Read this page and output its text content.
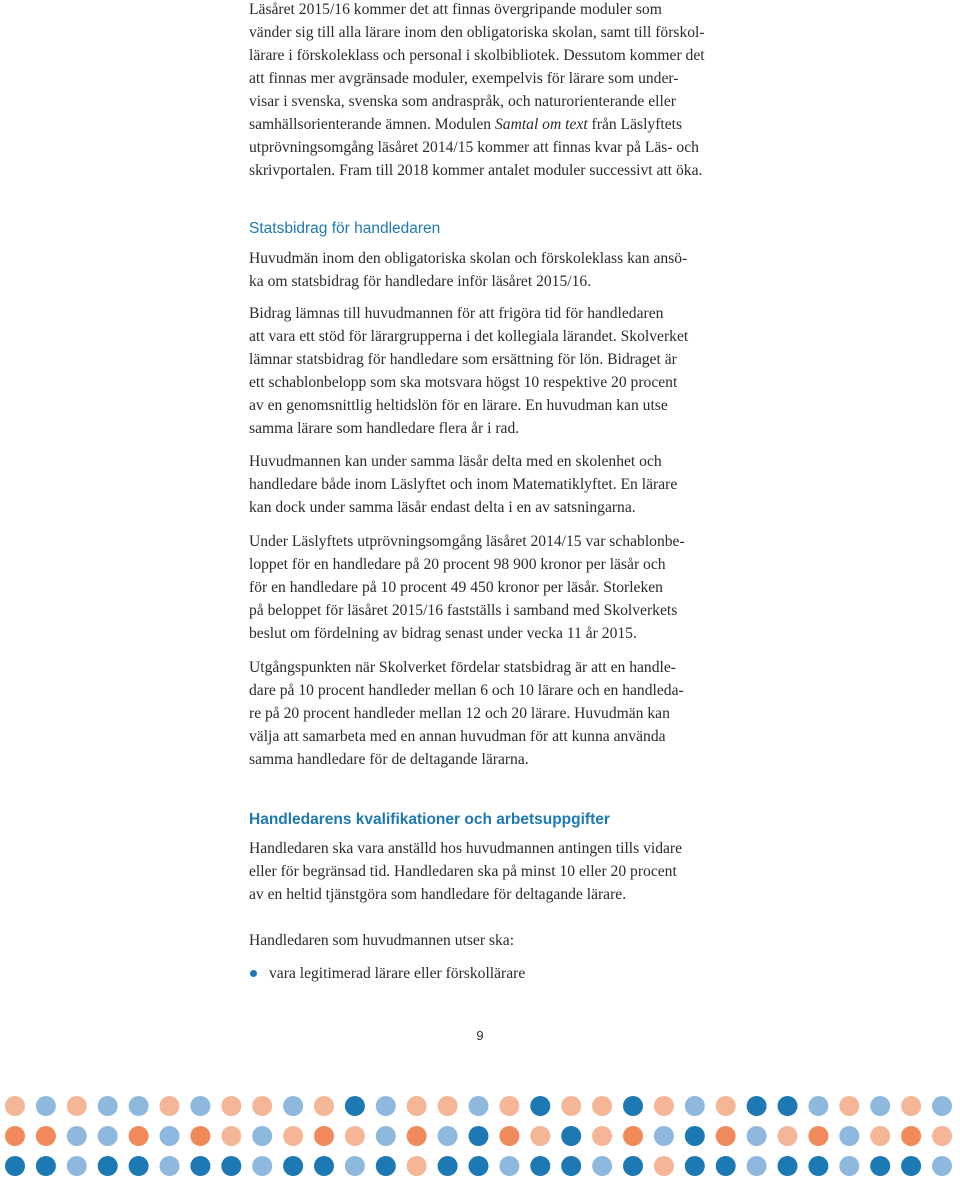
Läsåret 2015/16 kommer det att finnas övergripande moduler som
vänder sig till alla lärare inom den obligatoriska skolan, samt till förskol-
lärare i förskoleklass och personal i skolbibliotek. Dessutom kommer det
att finnas mer avgränsade moduler, exempelvis för lärare som under-
visar i svenska, svenska som andraspråk, och naturorienterande eller
samhällsorienterande ämnen. Modulen Samtal om text från Läslyftets
utprövningsomgång läsåret 2014/15 kommer att finnas kvar på Läs- och
skrivportalen. Fram till 2018 kommer antalet moduler successivt att öka.

Statsbidrag för handledaren

Huvudmän inom den obligatoriska skolan och förskoleklass kan ansö-
ka om statsbidrag för handledare inför läsåret 2015/16.

Bidrag lämnas till huvudmannen för att frigöra tid för handledaren
att vara ett stöd för lärargrupperna i det kollegiala lärandet. Skolverket
lämnar statsbidrag för handledare som ersättning för lön. Bidraget är
ett schablonbelopp som ska motsvara högst 10 respektive 20 procent
av en genomsnittlig heltidslön för en lärare. En huvudman kan utse
samma lärare som handledare flera år i rad.

Huvudmannen kan under samma läsår delta med en skolenhet och
handledare både inom Läslyftet och inom Matematiklyftet. En lärare
kan dock under samma läsår endast delta i en av satsningarna.

Under Läslyftets utprövningsomgång läsåret 2014/15 var schablonbe-
loppet för en handledare på 20 procent 98 900 kronor per läsår och
för en handledare på 10 procent 49 450 kronor per läsår. Storleken
på beloppet för läsåret 2015/16 fastställs i samband med Skolverkets
beslut om fördelning av bidrag senast under vecka 11 år 2015.

Utgångspunkten när Skolverket fördelar statsbidrag är att en handle-
dare på 10 procent handleder mellan 6 och 10 lärare och en handleda-
re på 20 procent handleder mellan 12 och 20 lärare. Huvudmän kan
välja att samarbeta med en annan huvudman för att kunna använda
samma handledare för de deltagande lärarna.

Handledarens kvalifikationer och arbetsuppgifter

Handledaren ska vara anställd hos huvudmannen antingen tills vidare
eller för begränsad tid. Handledaren ska på minst 10 eller 20 procent
av en heltid tjänstgöra som handledare för deltagande lärare.

Handledaren som huvudmannen utser ska:

vara legitimerad lärare eller förskollärare
9
